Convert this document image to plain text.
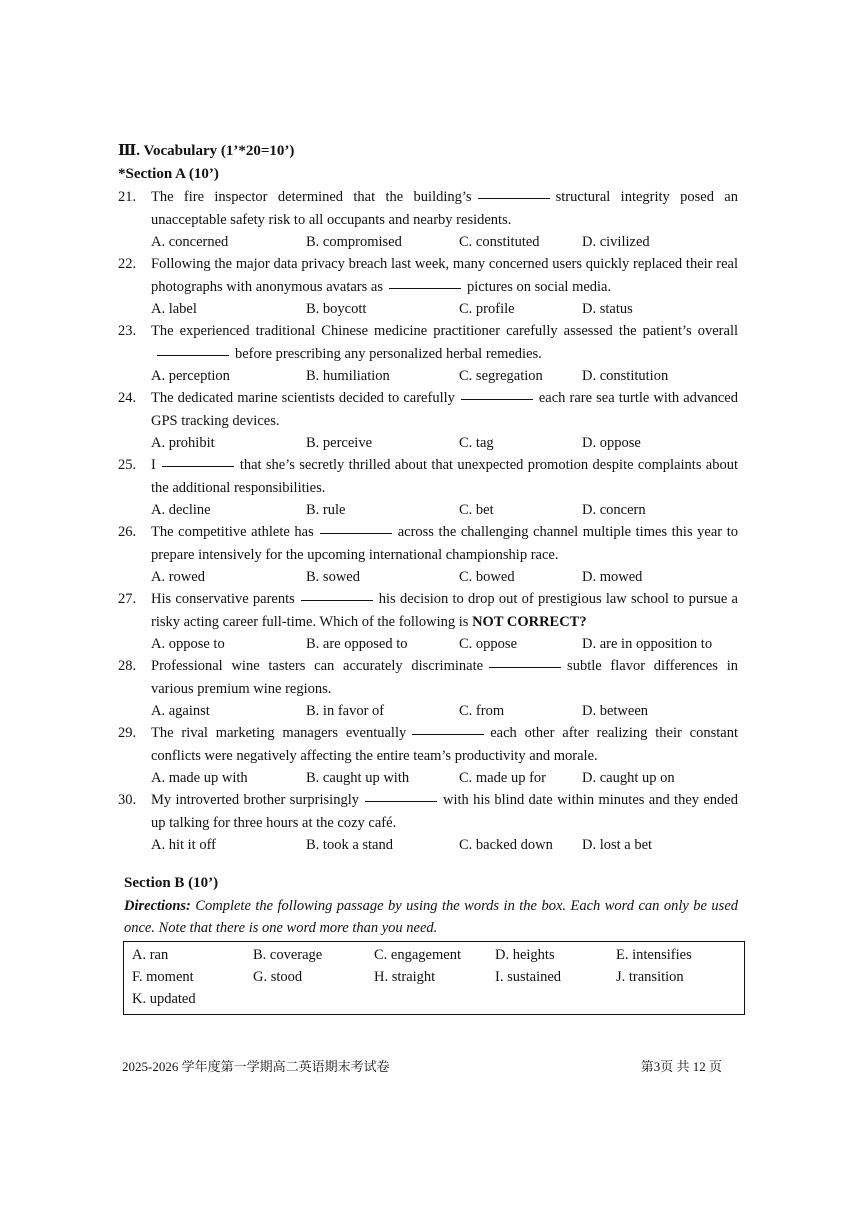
Ⅲ. Vocabulary (1’*20=10’)
*Section A (10’)
21. The fire inspector determined that the building’s	structural integrity posed an unacceptable safety risk to all occupants and nearby residents.
A. concerned	B. compromised	C. constituted	D. civilized
22. Following the major data privacy breach last week, many concerned users quickly replaced their real photographs with anonymous avatars as	pictures on social media.
A. label	B. boycott	C. profile	D. status
23. The experienced traditional Chinese medicine practitioner carefully assessed the patient’s overallbefore prescribing any personalized herbal remedies.
A. perception	B. humiliation	C. segregation	D. constitution
24. The dedicated marine scientists decided to carefully	each rare sea turtle with advanced GPS tracking devices.
A. prohibit	B. perceive	C. tag	D. oppose
25. I	that she’s secretly thrilled about that unexpected promotion despite complaints about the additional responsibilities.
A. decline	B. rule	C. bet	D. concern
26. The competitive athlete has	across the challenging channel multiple times this year to prepare intensively for the upcoming international championship race.
A. rowed	B. sowed	C. bowed	D. mowed
27. His conservative parents	his decision to drop out of prestigious law school to pursue a risky acting career full-time. Which of the following is NOT CORRECT?
A. oppose to	B. are opposed to	C. oppose	D. are in opposition to
28. Professional wine tasters can accurately discriminate	subtle flavor differences in various premium wine regions.
A. against	B. in favor of	C. from	D. between
29. The rival marketing managers eventually	each other after realizing their constant conflicts were negatively affecting the entire team’s productivity and morale.
A. made up with	B. caught up with	C. made up for	D. caught up on
30. My introverted brother surprisingly	with his blind date within minutes and they ended up talking for three hours at the cozy café.
A. hit it off	B. took a stand	C. backed down	D. lost a bet
Section B (10’)
Directions: Complete the following passage by using the words in the box. Each word can only be used once. Note that there is one word more than you need.
A. ran	B. coverage	C. engagement	D. heights	E. intensifies
F. moment	G. stood	H. straight	I. sustained	J. transition
K. updated
2025-2026 学年度第一学期高二英语期末考试卷	第3页 共 12 页
